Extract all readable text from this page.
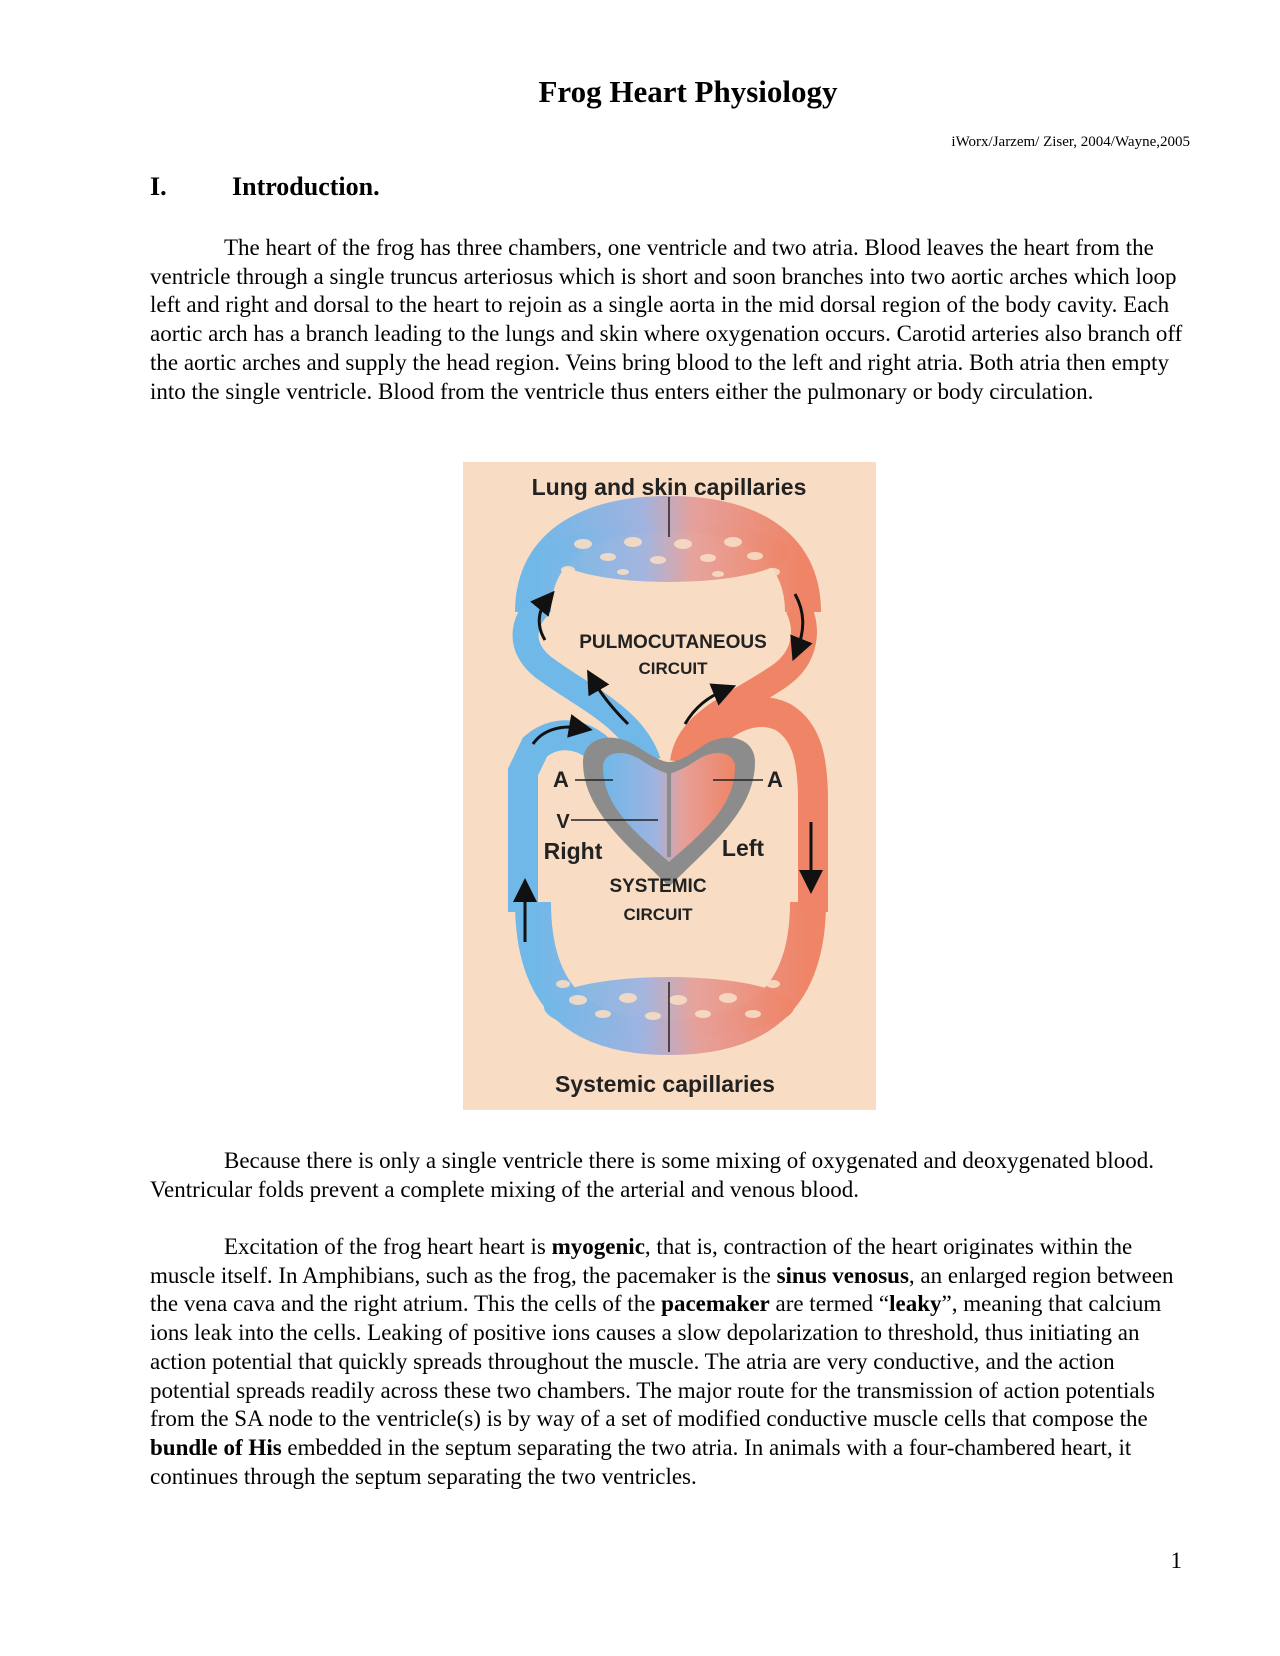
Frog Heart Physiology
iWorx/Jarzem/ Ziser, 2004/Wayne,2005
I.	Introduction.
The heart of the frog has three chambers, one ventricle and two atria. Blood leaves the heart from the ventricle through a single truncus arteriosus which is short and soon branches into two aortic arches which loop left and right and dorsal to the heart to rejoin as a single aorta in the mid dorsal region of the body cavity. Each aortic arch has a branch leading to the lungs and skin where oxygenation occurs. Carotid arteries also branch off the aortic arches and supply the head region. Veins bring blood to the left and right atria. Both atria then empty into the single ventricle. Blood from the ventricle thus enters either the pulmonary or body circulation.
Lung and skin capillaries
PULMOCUTANEOUS
CIRCUIT
A	A
V
Right	Left
SYSTEMIC
CIRCUIT
Systemic capillaries
Because there is only a single ventricle there is some mixing of oxygenated and deoxygenated blood. Ventricular folds prevent a complete mixing of the arterial and venous blood.
Excitation of the frog heart heart is myogenic, that is, contraction of the heart originates within the muscle itself. In Amphibians, such as the frog, the pacemaker is the sinus venosus, an enlarged region between the vena cava and the right atrium. This the cells of the pacemaker are termed “leaky”, meaning that calcium ions leak into the cells. Leaking of positive ions causes a slow depolarization to threshold, thus initiating an action potential that quickly spreads throughout the muscle. The atria are very conductive, and the action potential spreads readily across these two chambers. The major route for the transmission of action potentials from the SA node to the ventricle(s) is by way of a set of modified conductive muscle cells that compose the bundle of His embedded in the septum separating the two atria. In animals with a four-chambered heart, it continues through the septum separating the two ventricles.
1
